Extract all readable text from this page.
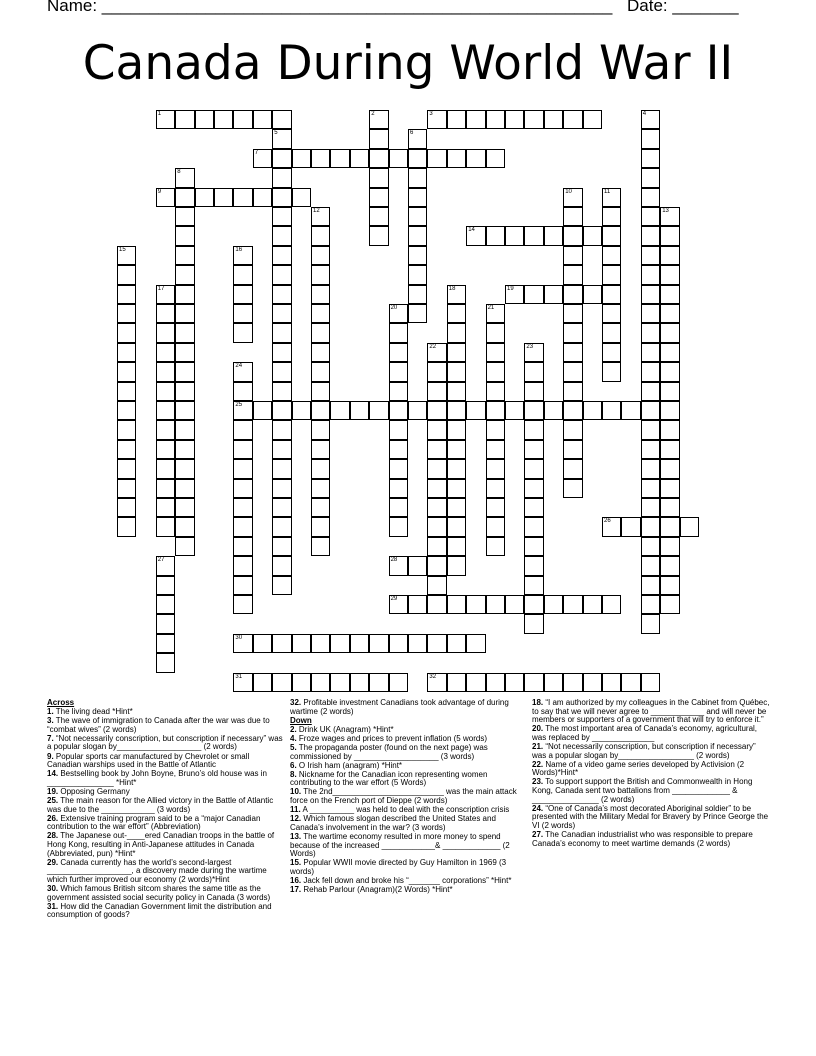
Name: ______________________________________________________ Date: _______
Canada During World War II
1	2	3	4
5	6
7
8
9	10	11
12	13
14
15	16
17	18	19
20	21
22	23
24
25
26
27	28
29
30
31	32

Across

1. The living dead *Hint*

3. The wave of immigration to Canada after the war was due to “combat wives” (2 words)

7. “Not necessarily conscription, but conscription if necessary” was a popular slogan by___________________ (2 words)

9. Popular sports car manufactured by Chevrolet or small Canadian warships used in the Battle of Atlantic

14. Bestselling book by John Boyne, Bruno’s old house was in _______________ *Hint*

19. Opposing Germany

25. The main reason for the Allied victory in the Battle of Atlantic was due to the ____________ (3 words)

26. Extensive training program said to be a “major Canadian contribution to the war effort” (Abbreviation)

28. The Japanese out-____ered Canadian troops in the battle of Hong Kong, resulting in Anti-Japanese attitudes in Canada (Abbreviated, pun) *Hint*

29. Canada currently has the world’s second-largest ___________________, a discovery made during the wartime which further improved our economy (2 words)*Hint

30. Which famous British sitcom shares the same title as the government assisted social security policy in Canada (3 words)

31. How did the Canadian Government limit the distribution and consumption of goods?

32. Profitable investment Canadians took advantage of during wartime (2 words)

Down

2. Drink UK (Anagram) *Hint*

4. Froze wages and prices to prevent inflation (5 words)

5. The propaganda poster (found on the next page) was commissioned by ___________________ (3 words)

6. O Irish ham (anagram) *Hint*

8. Nickname for the Canadian icon representing women contributing to the war effort (5 Words)

10. The 2nd_________________________ was the main attack force on the French port of Dieppe (2 words)

11. A __________ was held to deal with the conscription crisis

12. Which famous slogan described the United States and Canada’s involvement in the war? (3 words)

13. The wartime economy resulted in more money to spend because of the increased ____________& _____________ (2 Words)

15. Popular WWII movie directed by Guy Hamilton in 1969 (3 words)

16. Jack fell down and broke his “_______ corporations” *Hint*

17. Rehab Parlour (Anagram)(2 Words) *Hint*

18. “I am authorized by my colleagues in the Cabinet from Québec, to say that we will never agree to ____________ and will never be members or supporters of a government that will try to enforce it.”

20. The most important area of Canada’s economy, agricultural, was replaced by ______________

21. “Not necessarily conscription, but conscription if necessary” was a popular slogan by_________________ (2 words)

22. Name of a video game series developed by Activision (2 Words)*Hint*

23. To support support the British and Commonwealth in Hong Kong, Canada sent two battalions from _____________ & _______________ (2 words)

24. “One of Canada’s most decorated Aboriginal soldier” to be presented with the Military Medal for Bravery by Prince George the VI (2 words)

27. The Canadian industrialist who was responsible to prepare Canada’s economy to meet wartime demands (2 words)
